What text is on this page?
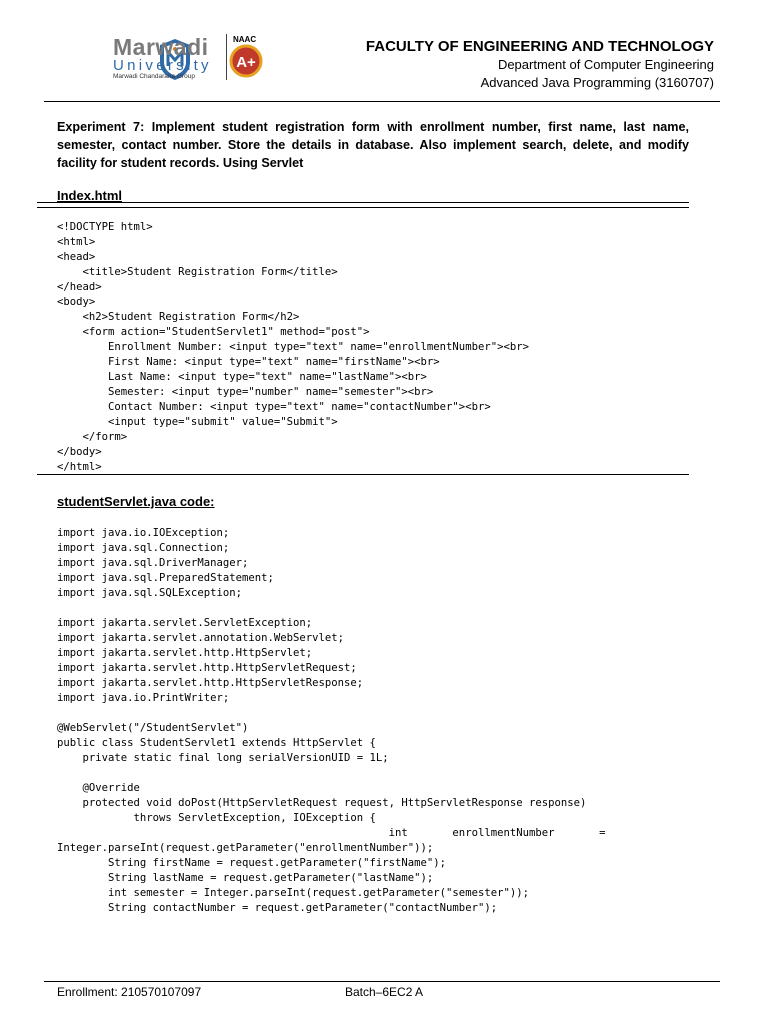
Marwadi
University
Marwadi Chandarana Group
NAAC
A+
FACULTY OF ENGINEERING AND TECHNOLOGY
Department of Computer Engineering
Advanced Java Programming (3160707)
Experiment 7: Implement student registration form with enrollment number, first name, last name, semester, contact number. Store the details in database. Also implement search, delete, and modify facility for student records. Using Servlet
Index.html
<!DOCTYPE html>
<html>
<head>
<title>Student Registration Form</title>
</head>
<body>
<h2>Student Registration Form</h2>
<form action="StudentServlet1" method="post">
Enrollment Number: <input type="text" name="enrollmentNumber"><br>
First Name: <input type="text" name="firstName"><br>
Last Name: <input type="text" name="lastName"><br>
Semester: <input type="number" name="semester"><br>
Contact Number: <input type="text" name="contactNumber"><br>
<input type="submit" value="Submit">
</form>
</body>
</html>
studentServlet.java code:
import java.io.IOException;
import java.sql.Connection;
import java.sql.DriverManager;
import java.sql.PreparedStatement;
import java.sql.SQLException;

import jakarta.servlet.ServletException;
import jakarta.servlet.annotation.WebServlet;
import jakarta.servlet.http.HttpServlet;
import jakarta.servlet.http.HttpServletRequest;
import jakarta.servlet.http.HttpServletResponse;
import java.io.PrintWriter;

@WebServlet("/StudentServlet")
public class StudentServlet1 extends HttpServlet {
private static final long serialVersionUID = 1L;

@Override
protected void doPost(HttpServletRequest request, HttpServletResponse response)
throws ServletException, IOException {
int       enrollmentNumber       =
Integer.parseInt(request.getParameter("enrollmentNumber"));
String firstName = request.getParameter("firstName");
String lastName = request.getParameter("lastName");
int semester = Integer.parseInt(request.getParameter("semester"));
String contactNumber = request.getParameter("contactNumber");
Enrollment: 210570107097	Batch–6EC2 A
